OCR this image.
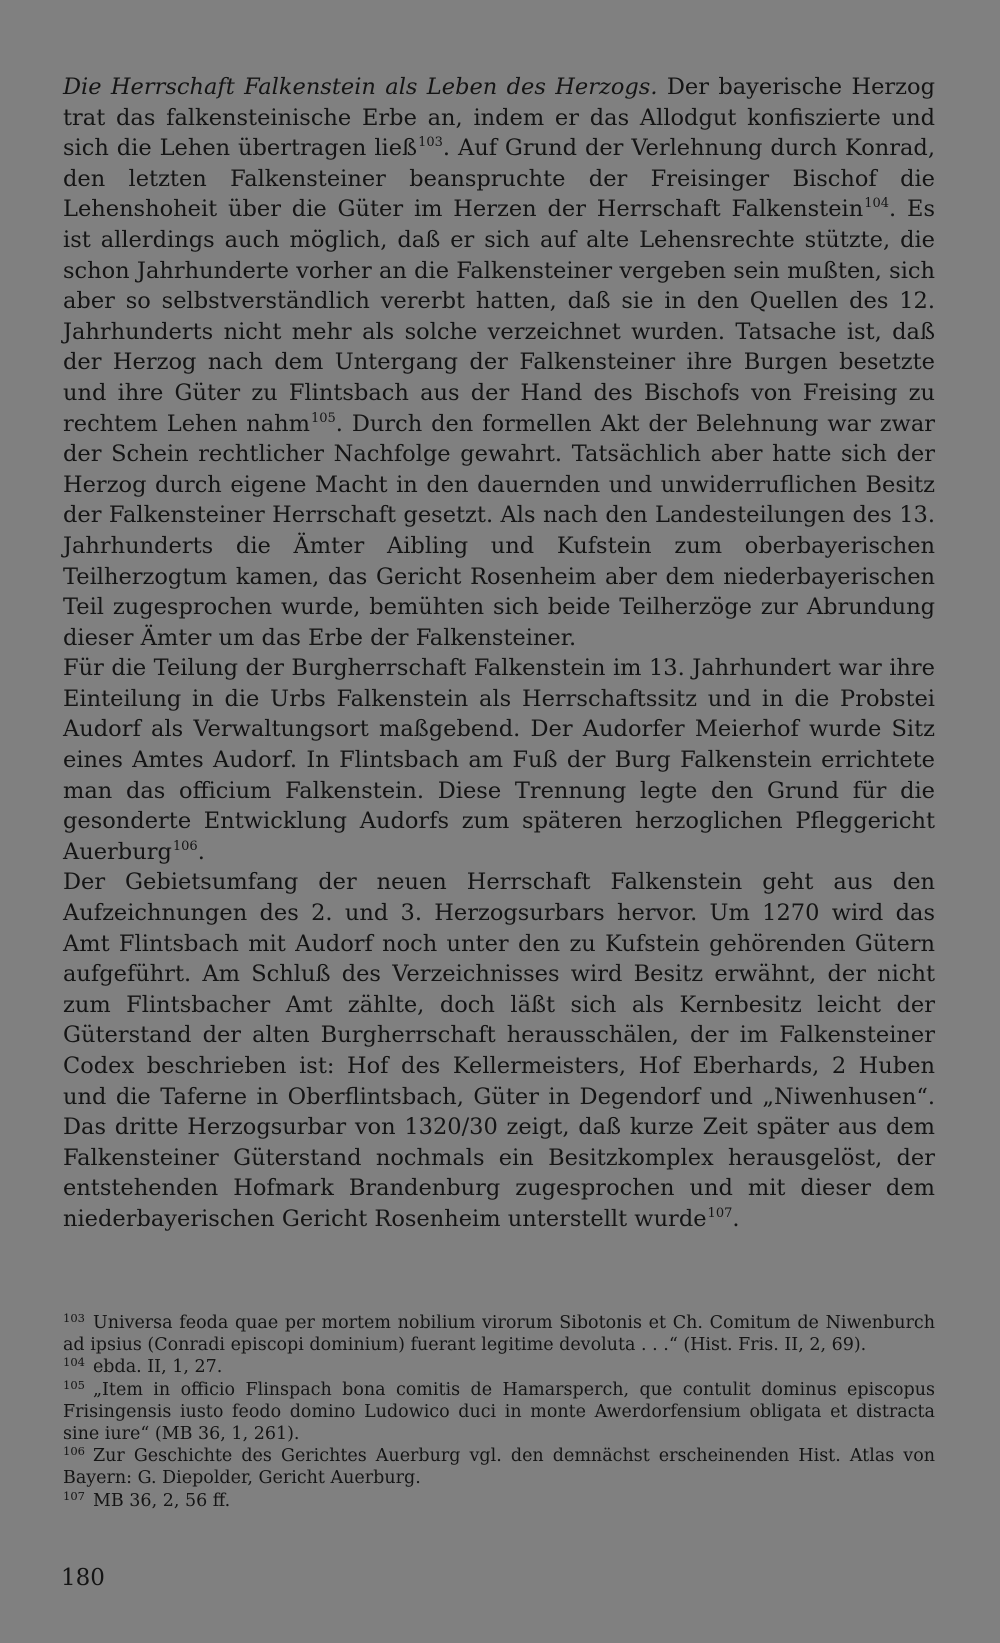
Die Herrschaft Falkenstein als Leben des Herzogs. Der bayerische Herzog trat das falkensteinische Erbe an, indem er das Allodgut konfiszierte und sich die Lehen übertragen ließ$^{103}$. Auf Grund der Verlehnung durch Konrad, den letzten Falkensteiner beanspruchte der Freisinger Bischof die Lehenshoheit über die Güter im Herzen der Herrschaft Falkenstein$^{104}$. Es ist allerdings auch möglich, daß er sich auf alte Lehensrechte stützte, die schon Jahrhunderte vorher an die Falkensteiner vergeben sein mußten, sich aber so selbstverständlich vererbt hatten, daß sie in den Quellen des 12. Jahrhunderts nicht mehr als solche verzeichnet wurden. Tatsache ist, daß der Herzog nach dem Untergang der Falkensteiner ihre Burgen besetzte und ihre Güter zu Flintsbach aus der Hand des Bischofs von Freising zu rechtem Lehen nahm$^{105}$. Durch den formellen Akt der Belehnung war zwar der Schein rechtlicher Nachfolge gewahrt. Tatsächlich aber hatte sich der Herzog durch eigene Macht in den dauernden und unwiderruflichen Besitz der Falkensteiner Herrschaft gesetzt. Als nach den Landesteilungen des 13. Jahrhunderts die Ämter Aibling und Kufstein zum oberbayerischen Teilherzogtum kamen, das Gericht Rosenheim aber dem niederbayerischen Teil zugesprochen wurde, bemühten sich beide Teilherzöge zur Abrundung dieser Ämter um das Erbe der Falkensteiner.

Für die Teilung der Burgherrschaft Falkenstein im 13. Jahrhundert war ihre Einteilung in die Urbs Falkenstein als Herrschaftssitz und in die Probstei Audorf als Verwaltungsort maßgebend. Der Audorfer Meierhof wurde Sitz eines Amtes Audorf. In Flintsbach am Fuß der Burg Falkenstein errichtete man das officium Falkenstein. Diese Trennung legte den Grund für die gesonderte Entwicklung Audorfs zum späteren herzoglichen Pfleggericht Auerburg$^{106}$.

Der Gebietsumfang der neuen Herrschaft Falkenstein geht aus den Aufzeichnungen des 2. und 3. Herzogsurbars hervor. Um 1270 wird das Amt Flintsbach mit Audorf noch unter den zu Kufstein gehörenden Gütern aufgeführt. Am Schluß des Verzeichnisses wird Besitz erwähnt, der nicht zum Flintsbacher Amt zählte, doch läßt sich als Kernbesitz leicht der Güterstand der alten Burgherrschaft herausschälen, der im Falkensteiner Codex beschrieben ist: Hof des Kellermeisters, Hof Eberhards, 2 Huben und die Taferne in Oberflintsbach, Güter in Degendorf und „Niwenhusen“. Das dritte Herzogsurbar von 1320/30 zeigt, daß kurze Zeit später aus dem Falkensteiner Güterstand nochmals ein Besitzkomplex herausgelöst, der entstehenden Hofmark Brandenburg zugesprochen und mit dieser dem niederbayerischen Gericht Rosenheim unterstellt wurde$^{107}$.

$^{103}$ Universa feoda quae per mortem nobilium virorum Sibotonis et Ch. Comitum de Niwenburch ad ipsius (Conradi episcopi dominium) fuerant legitime devoluta . . .“ (Hist. Fris. II, 2, 69).

$^{104}$ ebda. II, 1, 27.

$^{105}$ „Item in officio Flinspach bona comitis de Hamarsperch, que contulit dominus episcopus Frisingensis iusto feodo domino Ludowico duci in monte Awerdorfensium obligata et distracta sine iure“ (MB 36, 1, 261).

$^{106}$ Zur Geschichte des Gerichtes Auerburg vgl. den demnächst erscheinenden Hist. Atlas von Bayern: G. Diepolder, Gericht Auerburg.

$^{107}$ MB 36, 2, 56 ff.

180
